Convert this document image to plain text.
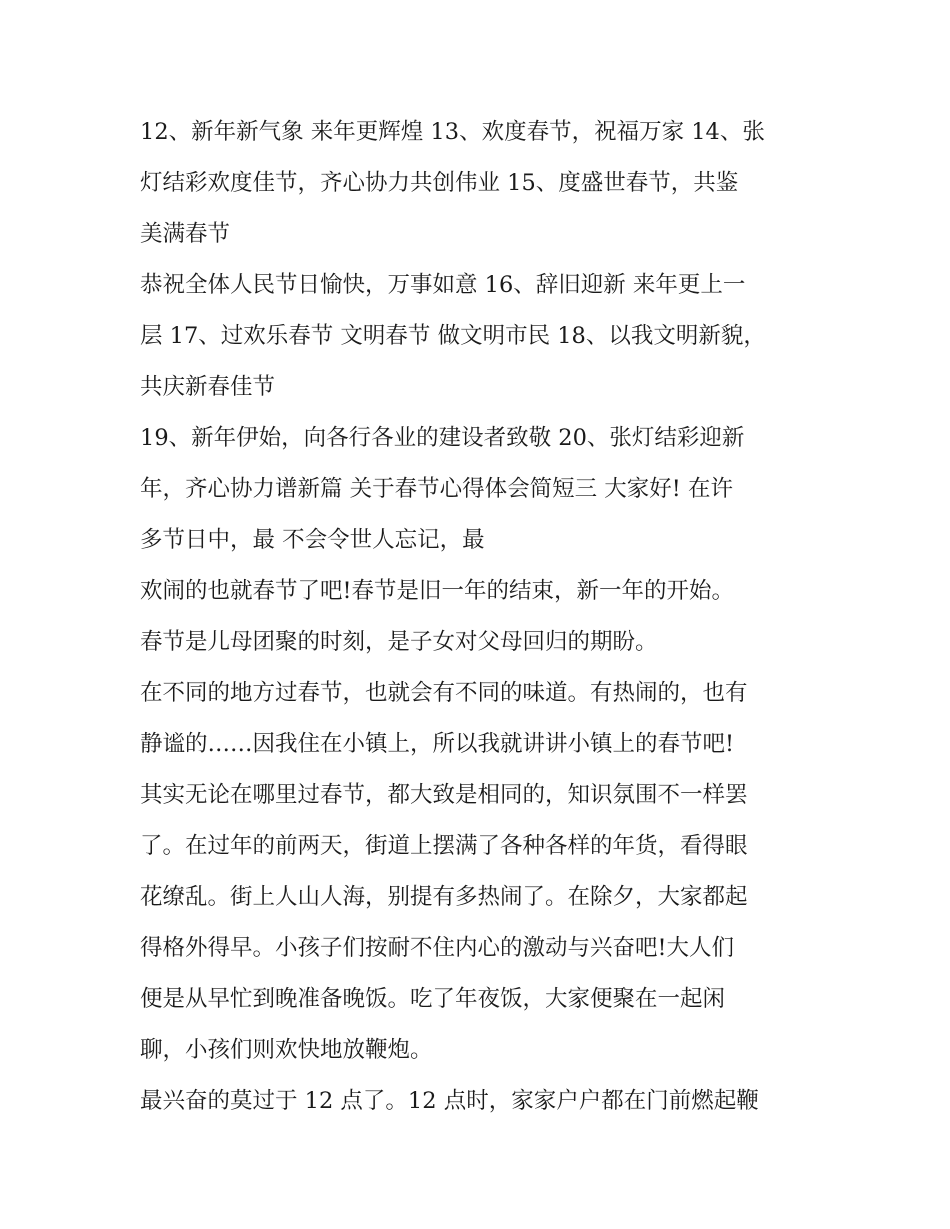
12、新年新气象 来年更辉煌 13、欢度春节，祝福万家 14、张
灯结彩欢度佳节，齐心协力共创伟业 15、度盛世春节，共鉴
美满春节

恭祝全体人民节日愉快，万事如意 16、辞旧迎新 来年更上一
层 17、过欢乐春节 文明春节 做文明市民 18、以我文明新貌，
共庆新春佳节

19、新年伊始，向各行各业的建设者致敬 20、张灯结彩迎新
年，齐心协力谱新篇 关于春节心得体会简短三 大家好! 在许
多节日中，最 不会令世人忘记，最

欢闹的也就春节了吧!春节是旧一年的结束，新一年的开始。
春节是儿母团聚的时刻，是子女对父母回归的期盼。

在不同的地方过春节，也就会有不同的味道。有热闹的，也有
静谧的……因我住在小镇上，所以我就讲讲小镇上的春节吧!
其实无论在哪里过春节，都大致是相同的，知识氛围不一样罢
了。在过年的前两天，街道上摆满了各种各样的年货，看得眼
花缭乱。街上人山人海，别提有多热闹了。在除夕，大家都起
得格外得早。小孩子们按耐不住内心的激动与兴奋吧!大人们
便是从早忙到晚准备晚饭。吃了年夜饭，大家便聚在一起闲
聊，小孩们则欢快地放鞭炮。

最兴奋的莫过于 12 点了。12 点时，家家户户都在门前燃起鞭
